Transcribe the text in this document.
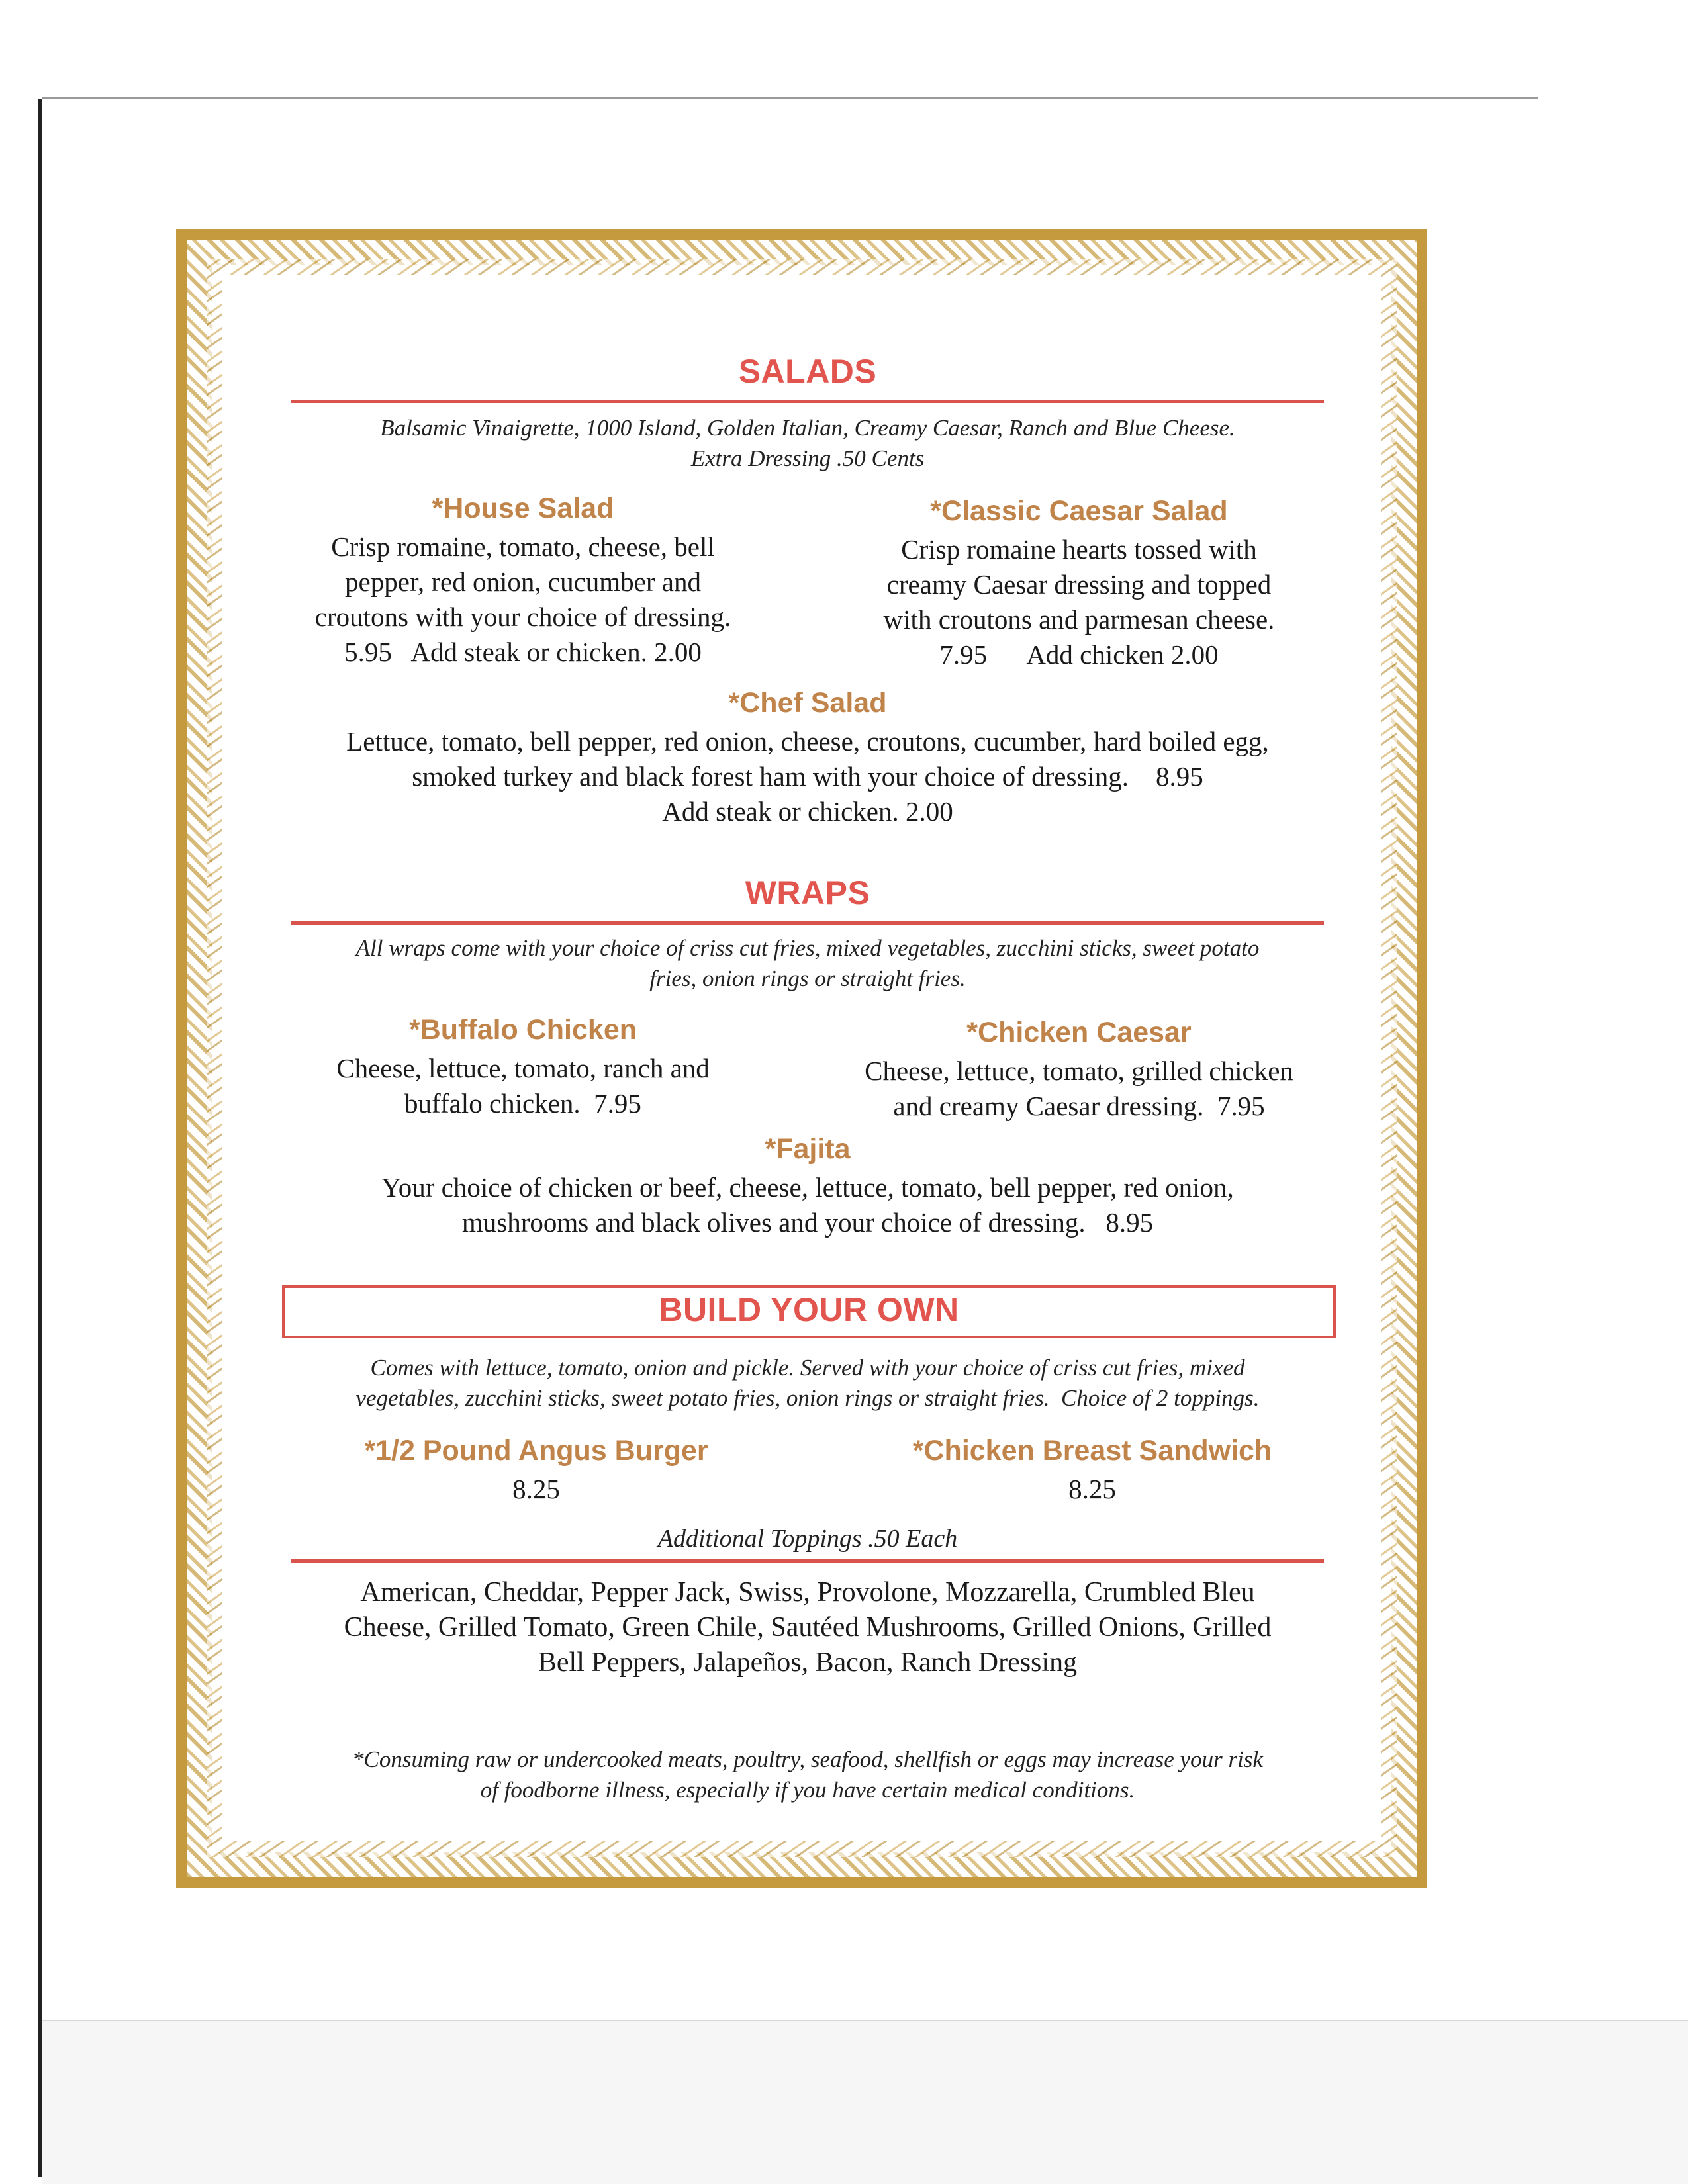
SALADS
Balsamic Vinaigrette, 1000 Island, Golden Italian, Creamy Caesar, Ranch and Blue Cheese.
Extra Dressing .50 Cents
*House Salad
Crisp romaine, tomato, cheese, bell
pepper, red onion, cucumber and
croutons with your choice of dressing.
5.95   Add steak or chicken. 2.00
*Classic Caesar Salad
Crisp romaine hearts tossed with
creamy Caesar dressing and topped
with croutons and parmesan cheese.
7.95      Add chicken 2.00
*Chef Salad
Lettuce, tomato, bell pepper, red onion, cheese, croutons, cucumber, hard boiled egg,
smoked turkey and black forest ham with your choice of dressing.    8.95
Add steak or chicken. 2.00
WRAPS
All wraps come with your choice of criss cut fries, mixed vegetables, zucchini sticks, sweet potato
fries, onion rings or straight fries.
*Buffalo Chicken
Cheese, lettuce, tomato, ranch and
buffalo chicken.  7.95
*Chicken Caesar
Cheese, lettuce, tomato, grilled chicken
and creamy Caesar dressing.  7.95
*Fajita
Your choice of chicken or beef, cheese, lettuce, tomato, bell pepper, red onion,
mushrooms and black olives and your choice of dressing.   8.95
BUILD YOUR OWN
Comes with lettuce, tomato, onion and pickle. Served with your choice of criss cut fries, mixed
vegetables, zucchini sticks, sweet potato fries, onion rings or straight fries.  Choice of 2 toppings.
*1/2 Pound Angus Burger
8.25
*Chicken Breast Sandwich
8.25
Additional Toppings .50 Each
American, Cheddar, Pepper Jack, Swiss, Provolone, Mozzarella, Crumbled Bleu
Cheese, Grilled Tomato, Green Chile, Sautéed Mushrooms, Grilled Onions, Grilled
Bell Peppers, Jalapeños, Bacon, Ranch Dressing
*Consuming raw or undercooked meats, poultry, seafood, shellfish or eggs may increase your risk
of foodborne illness, especially if you have certain medical conditions.
